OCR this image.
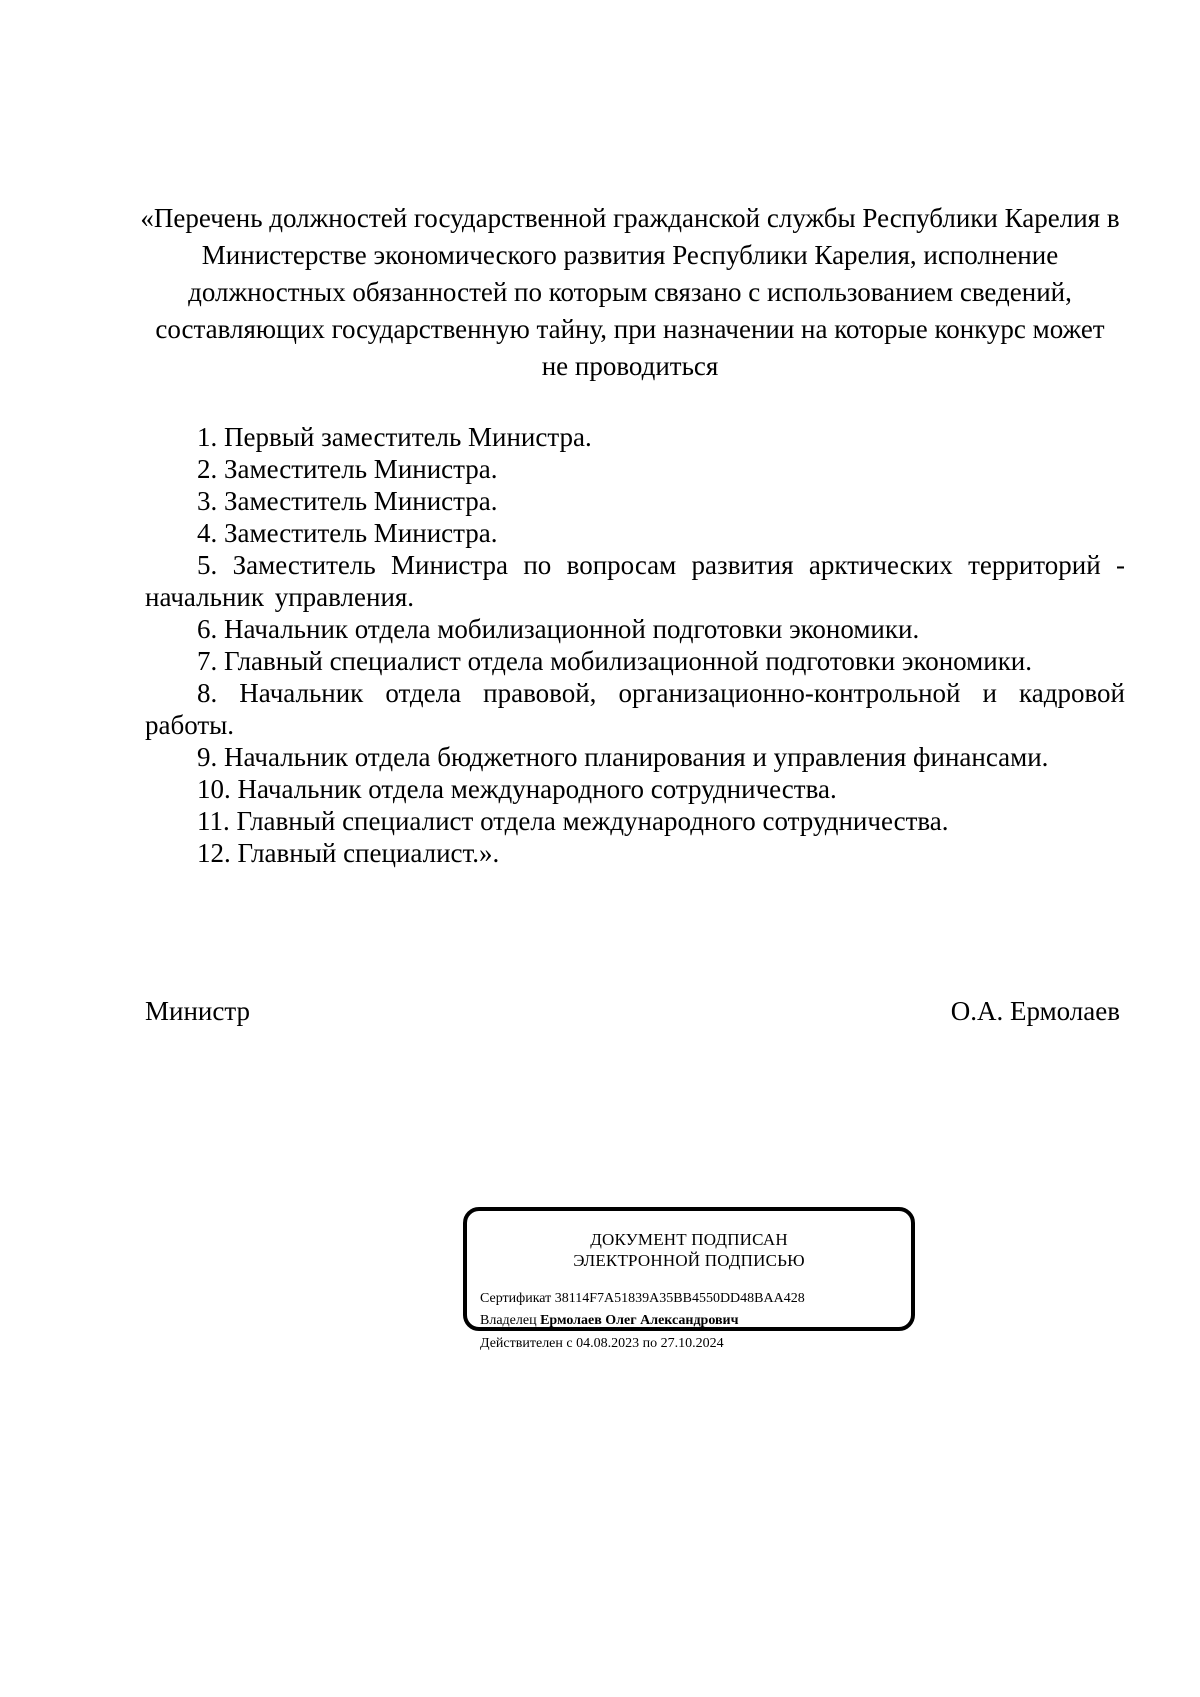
«Перечень должностей государственной гражданской службы Республики Карелия в Министерстве экономического развития Республики Карелия, исполнение должностных обязанностей по которым связано с использованием сведений, составляющих государственную тайну, при назначении на которые конкурс может не проводиться
1. Первый заместитель Министра.
2. Заместитель Министра.
3. Заместитель Министра.
4. Заместитель Министра.
5. Заместитель Министра по вопросам развития арктических территорий - начальник управления.
6. Начальник отдела мобилизационной подготовки экономики.
7. Главный специалист отдела мобилизационной подготовки экономики.
8. Начальник отдела правовой, организационно-контрольной и кадровой работы.
9. Начальник отдела бюджетного планирования и управления финансами.
10. Начальник отдела международного сотрудничества.
11. Главный специалист отдела международного сотрудничества.
12. Главный специалист.».

Министр	О.А. Ермолаев

ДОКУМЕНТ ПОДПИСАН
ЭЛЕКТРОННОЙ ПОДПИСЬЮ
Сертификат 38114F7A51839A35BB4550DD48BAA428
Владелец Ермолаев Олег Александрович
Действителен с 04.08.2023 по 27.10.2024
